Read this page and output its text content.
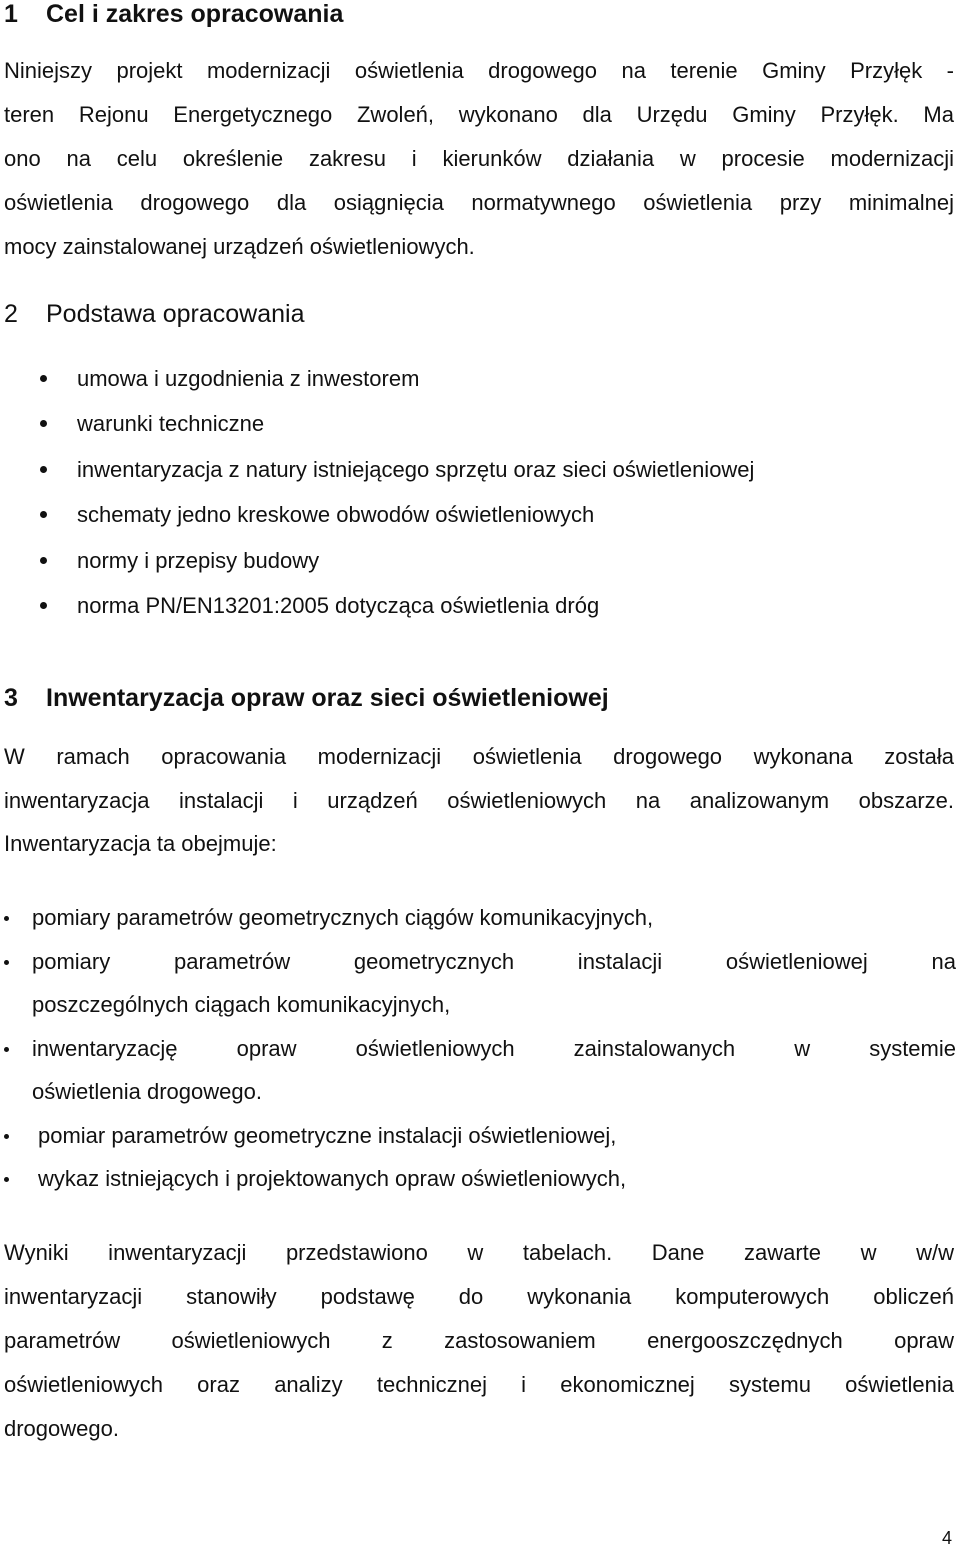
1 Cel i zakres opracowania
Niniejszy projekt modernizacji oświetlenia drogowego na terenie Gminy Przyłęk -
teren Rejonu Energetycznego Zwoleń, wykonano dla Urzędu Gminy Przyłęk. Ma
ono na celu określenie zakresu i kierunków działania w procesie modernizacji
oświetlenia drogowego dla osiągnięcia normatywnego oświetlenia przy minimalnej
mocy zainstalowanej urządzeń oświetleniowych.
2 Podstawa opracowania
umowa i uzgodnienia z inwestorem
warunki techniczne
inwentaryzacja z natury istniejącego sprzętu oraz sieci oświetleniowej
schematy jedno kreskowe obwodów oświetleniowych
normy i przepisy budowy
norma PN/EN13201:2005 dotycząca oświetlenia dróg
3 Inwentaryzacja opraw oraz sieci oświetleniowej
W ramach opracowania modernizacji oświetlenia drogowego wykonana została
inwentaryzacja instalacji i urządzeń oświetleniowych na analizowanym obszarze.
Inwentaryzacja ta obejmuje:
pomiary parametrów geometrycznych ciągów komunikacyjnych,
pomiary parametrów geometrycznych instalacji oświetleniowej na
poszczególnych ciągach komunikacyjnych,
inwentaryzację opraw oświetleniowych zainstalowanych w systemie
oświetlenia drogowego.
pomiar parametrów geometryczne instalacji oświetleniowej,
wykaz istniejących i projektowanych opraw oświetleniowych,
Wyniki inwentaryzacji przedstawiono w tabelach. Dane zawarte w w/w
inwentaryzacji stanowiły podstawę do wykonania komputerowych obliczeń
parametrów oświetleniowych z zastosowaniem energooszczędnych opraw
oświetleniowych oraz analizy technicznej i ekonomicznej systemu oświetlenia
drogowego.
4
